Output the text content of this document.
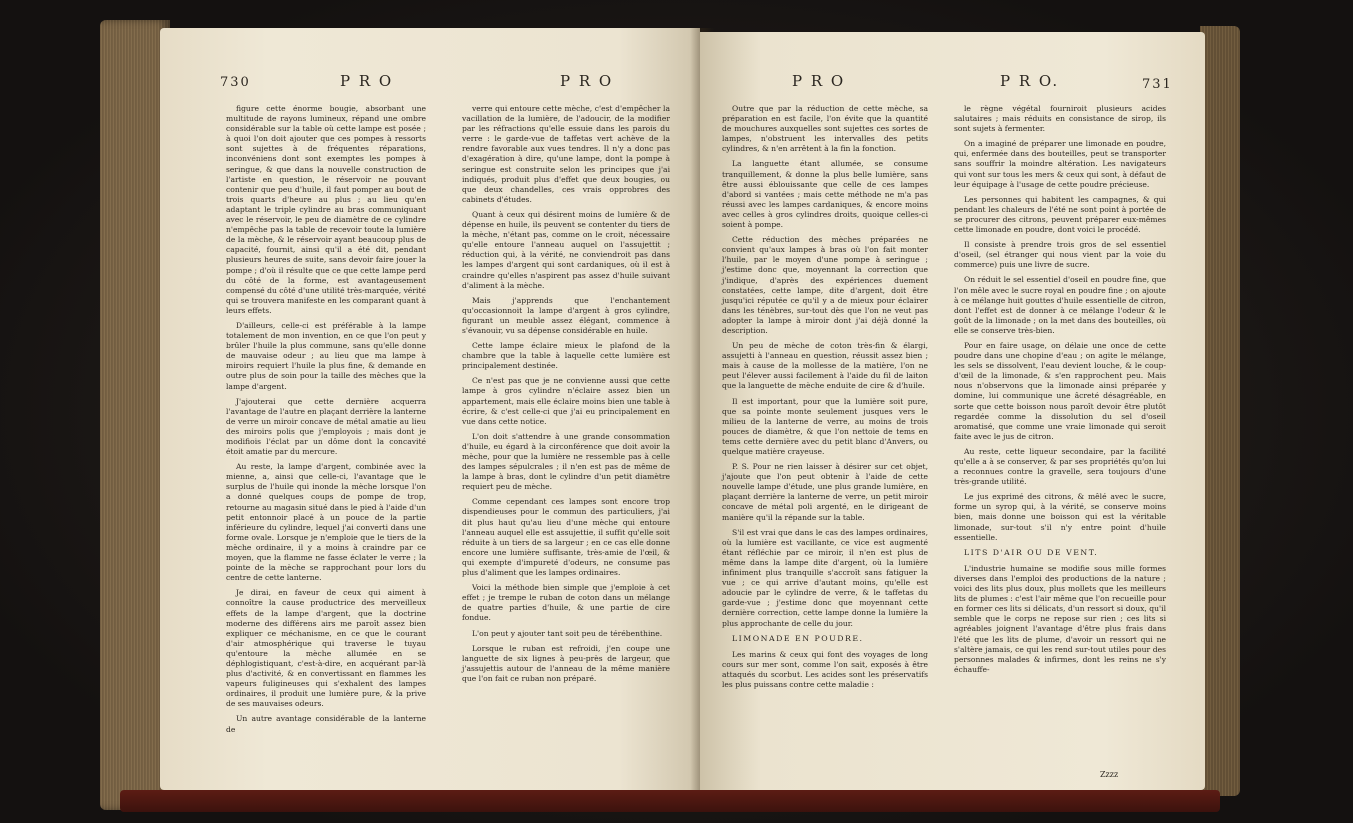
730	P R O	P R O

figure cette énorme bougie, absorbant une multitude de rayons lumineux, répand une ombre considérable sur la table où cette lampe est posée ; à quoi l'on doit ajouter que ces pompes à ressorts sont sujettes à de fréquentes réparations, inconvéniens dont sont exemptes les pompes à seringue, & que dans la nouvelle construction de l'artiste en question, le réservoir ne pouvant contenir que peu d'huile, il faut pomper au bout de trois quarts d'heure au plus ; au lieu qu'en adaptant le triple cylindre au bras communiquant avec le réservoir, le peu de diamètre de ce cylindre n'empêche pas la table de recevoir toute la lumière de la mèche, & le réservoir ayant beaucoup plus de capacité, fournit, ainsi qu'il a été dit, pendant plusieurs heures de suite, sans devoir faire jouer la pompe ; d'où il résulte que ce que cette lampe perd du côté de la forme, est avantageusement compensé du côté d'une utilité très-marquée, vérité qui se trouvera manifeste en les comparant quant à leurs effets.

D'ailleurs, celle-ci est préférable à la lampe totalement de mon invention, en ce que l'on peut y brûler l'huile la plus commune, sans qu'elle donne de mauvaise odeur ; au lieu que ma lampe à miroirs requiert l'huile la plus fine, & demande en outre plus de soin pour la taille des mèches que la lampe d'argent.

J'ajouterai que cette dernière acquerra l'avantage de l'autre en plaçant derrière la lanterne de verre un miroir concave de métal amatie au lieu des miroirs polis que j'employois ; mais dont je modifiois l'éclat par un dôme dont la concavité étoit amatie par du mercure.

Au reste, la lampe d'argent, combinée avec la mienne, a, ainsi que celle-ci, l'avantage que le surplus de l'huile qui inonde la mèche lorsque l'on a donné quelques coups de pompe de trop, retourne au magasin situé dans le pied à l'aide d'un petit entonnoir placé à un pouce de la partie inférieure du cylindre, lequel j'ai converti dans une forme ovale. Lorsque je n'emploie que le tiers de la mèche ordinaire, il y a moins à craindre par ce moyen, que la flamme ne fasse éclater le verre ; la pointe de la mèche se rapprochant pour lors du centre de cette lanterne.

Je dirai, en faveur de ceux qui aiment à connoître la cause productrice des merveilleux effets de la lampe d'argent, que la doctrine moderne des différens airs me paroît assez bien expliquer ce méchanisme, en ce que le courant d'air atmosphérique qui traverse le tuyau qu'entoure la mèche allumée en se déphlogistiquant, c'est-à-dire, en acquérant par-là plus d'activité, & en convertissant en flammes les vapeurs fuligineuses qui s'exhalent des lampes ordinaires, il produit une lumière pure, & la prive de ses mauvaises odeurs.

Un autre avantage considérable de la lanterne de

verre qui entoure cette mèche, c'est d'empêcher la vacillation de la lumière, de l'adoucir, de la modifier par les réfractions qu'elle essuie dans les parois du verre : le garde-vue de taffetas vert achève de la rendre favorable aux vues tendres. Il n'y a donc pas d'exagération à dire, qu'une lampe, dont la pompe à seringue est construite selon les principes que j'ai indiqués, produit plus d'effet que deux bougies, ou que deux chandelles, ces vrais opprobres des cabinets d'études.

Quant à ceux qui désirent moins de lumière & de dépense en huile, ils peuvent se contenter du tiers de la mèche, n'étant pas, comme on le croit, nécessaire qu'elle entoure l'anneau auquel on l'assujettit ; réduction qui, à la vérité, ne conviendroit pas dans les lampes d'argent qui sont cardaniques, où il est à craindre qu'elles n'aspirent pas assez d'huile suivant d'aliment à la mèche.

Mais j'apprends que l'enchantement qu'occasionnoit la lampe d'argent à gros cylindre, figurant un meuble assez élégant, commence à s'évanouir, vu sa dépense considérable en huile.

Cette lampe éclaire mieux le plafond de la chambre que la table à laquelle cette lumière est principalement destinée.

Ce n'est pas que je ne convienne aussi que cette lampe à gros cylindre n'éclaire assez bien un appartement, mais elle éclaire moins bien une table à écrire, & c'est celle-ci que j'ai eu principalement en vue dans cette notice.

L'on doit s'attendre à une grande consommation d'huile, eu égard à la circonférence que doit avoir la mèche, pour que la lumière ne ressemble pas à celle des lampes sépulcrales ; il n'en est pas de même de la lampe à bras, dont le cylindre d'un petit diamètre requiert peu de mèche.

Comme cependant ces lampes sont encore trop dispendieuses pour le commun des particuliers, j'ai dit plus haut qu'au lieu d'une mèche qui entoure l'anneau auquel elle est assujettie, il suffit qu'elle soit réduite à un tiers de sa largeur ; en ce cas elle donne encore une lumière suffisante, très-amie de l'œil, & qui exempte d'impureté d'odeurs, ne consume pas plus d'aliment que les lampes ordinaires.

Voici la méthode bien simple que j'emploie à cet effet ; je trempe le ruban de coton dans un mélange de quatre parties d'huile, & une partie de cire fondue.

L'on peut y ajouter tant soit peu de térébenthine.

Lorsque le ruban est refroidi, j'en coupe une languette de six lignes à peu-près de largeur, que j'assujettis autour de l'anneau de la même manière que l'on fait ce ruban non préparé.

P R O	P R O.	731

Outre que par la réduction de cette mèche, sa préparation en est facile, l'on évite que la quantité de mouchures auxquelles sont sujettes ces sortes de lampes, n'obstruent les intervalles des petits cylindres, & n'en arrêtent à la fin la fonction.

La languette étant allumée, se consume tranquillement, & donne la plus belle lumière, sans être aussi éblouissante que celle de ces lampes d'abord si vantées ; mais cette méthode ne m'a pas réussi avec les lampes cardaniques, & encore moins avec celles à gros cylindres droits, quoique celles-ci soient à pompe.

Cette réduction des mèches préparées ne convient qu'aux lampes à bras où l'on fait monter l'huile, par le moyen d'une pompe à seringue ; j'estime donc que, moyennant la correction que j'indique, d'après des expériences duement constatées, cette lampe, dite d'argent, doit être jusqu'ici réputée ce qu'il y a de mieux pour éclairer dans les ténèbres, sur-tout dès que l'on ne veut pas adopter la lampe à miroir dont j'ai déjà donné la description.

Un peu de mèche de coton très-fin & élargi, assujetti à l'anneau en question, réussit assez bien ; mais à cause de la mollesse de la matière, l'on ne peut l'élever aussi facilement à l'aide du fil de laiton que la languette de mèche enduite de cire & d'huile.

Il est important, pour que la lumière soit pure, que sa pointe monte seulement jusques vers le milieu de la lanterne de verre, au moins de trois pouces de diamètre, & que l'on nettoie de tems en tems cette dernière avec du petit blanc d'Anvers, ou quelque matière crayeuse.

P. S. Pour ne rien laisser à désirer sur cet objet, j'ajoute que l'on peut obtenir à l'aide de cette nouvelle lampe d'étude, une plus grande lumière, en plaçant derrière la lanterne de verre, un petit miroir concave de métal poli argenté, en le dirigeant de manière qu'il la répande sur la table.

S'il est vrai que dans le cas des lampes ordinaires, où la lumière est vacillante, ce vice est augmenté étant réfléchie par ce miroir, il n'en est plus de même dans la lampe dite d'argent, où la lumière infiniment plus tranquille s'accroît sans fatiguer la vue ; ce qui arrive d'autant moins, qu'elle est adoucie par le cylindre de verre, & le taffetas du garde-vue ; j'estime donc que moyennant cette dernière correction, cette lampe donne la lumière la plus approchante de celle du jour.

LIMONADE EN POUDRE.

Les marins & ceux qui font des voyages de long cours sur mer sont, comme l'on sait, exposés à être attaqués du scorbut. Les acides sont les préservatifs les plus puissans contre cette maladie :

le règne végétal fourniroit plusieurs acides salutaires ; mais réduits en consistance de sirop, ils sont sujets à fermenter.

On a imaginé de préparer une limonade en poudre, qui, enfermée dans des bouteilles, peut se transporter sans souffrir la moindre altération. Les navigateurs qui vont sur tous les mers & ceux qui sont, à défaut de leur équipage à l'usage de cette poudre précieuse.

Les personnes qui habitent les campagnes, & qui pendant les chaleurs de l'été ne sont point à portée de se procurer des citrons, peuvent préparer eux-mêmes cette limonade en poudre, dont voici le procédé.

Il consiste à prendre trois gros de sel essentiel d'oseil, (sel étranger qui nous vient par la voie du commerce) puis une livre de sucre.

On réduit le sel essentiel d'oseil en poudre fine, que l'on mêle avec le sucre royal en poudre fine ; on ajoute à ce mélange huit gouttes d'huile essentielle de citron, dont l'effet est de donner à ce mélange l'odeur & le goût de la limonade ; on la met dans des bouteilles, où elle se conserve très-bien.

Pour en faire usage, on délaie une once de cette poudre dans une chopine d'eau ; on agite le mélange, les sels se dissolvent, l'eau devient louche, & le coup-d'œil de la limonade, & s'en rapprochent peu. Mais nous n'observons que la limonade ainsi préparée y domine, lui communique une âcreté désagréable, en sorte que cette boisson nous paroît devoir être plutôt regardée comme la dissolution du sel d'oseil aromatisé, que comme une vraie limonade qui seroit faite avec le jus de citron.

Au reste, cette liqueur secondaire, par la facilité qu'elle a à se conserver, & par ses propriétés qu'on lui a reconnues contre la gravelle, sera toujours d'une très-grande utilité.

Le jus exprimé des citrons, & mêlé avec le sucre, forme un syrop qui, à la vérité, se conserve moins bien, mais donne une boisson qui est la véritable limonade, sur-tout s'il n'y entre point d'huile essentielle.

LITS D'AIR OU DE VENT.

L'industrie humaine se modifie sous mille formes diverses dans l'emploi des productions de la nature ; voici des lits plus doux, plus mollets que les meilleurs lits de plumes : c'est l'air même que l'on recueille pour en former ces lits si délicats, d'un ressort si doux, qu'il semble que le corps ne repose sur rien ; ces lits si agréables joignent l'avantage d'être plus frais dans l'été que les lits de plume, d'avoir un ressort qui ne s'altère jamais, ce qui les rend sur-tout utiles pour des personnes malades & infirmes, dont les reins ne s'y échauffe-

Zzzz
